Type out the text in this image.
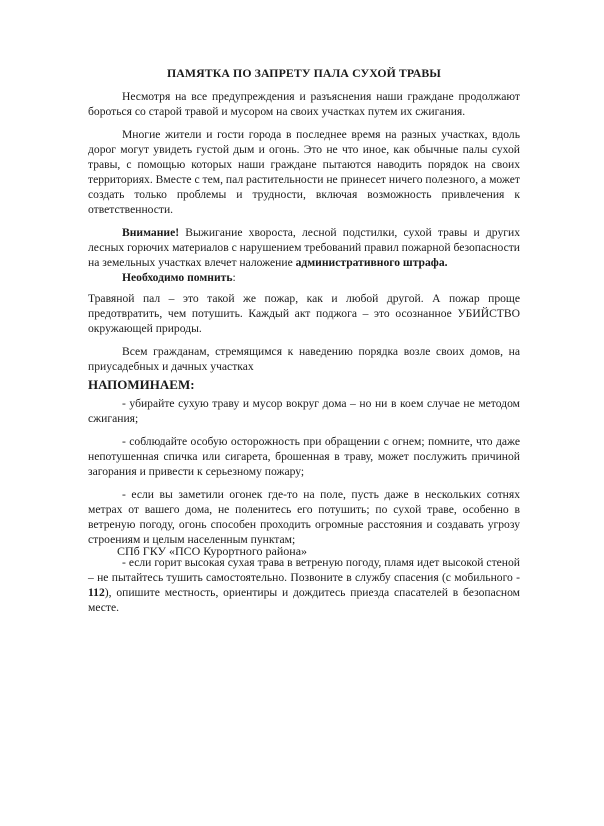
ПАМЯТКА ПО ЗАПРЕТУ ПАЛА СУХОЙ ТРАВЫ

Несмотря на все предупреждения и разъяснения наши граждане продолжают бороться со старой травой и мусором на своих участках путем их сжигания.

Многие жители и гости города в последнее время на разных участках, вдоль дорог могут увидеть густой дым и огонь. Это не что иное, как обычные палы сухой травы, с помощью которых наши граждане пытаются наводить порядок на своих территориях. Вместе с тем, пал растительности не принесет ничего полезного, а может создать только проблемы и трудности, включая возможность привлечения к ответственности.

Внимание! Выжигание хворостa, лесной подстилки, сухой травы и других лесных горючих материалов с нарушением требований правил пожарной безопасности на земельных участках влечет наложение административного штрафа.

Необходимо помнить:

Травяной пал – это такой же пожар, как и любой другой. А пожар проще предотвратить, чем потушить. Каждый акт поджога – это осознанное УБИЙСТВО окружающей природы.

Всем гражданам, стремящимся к наведению порядка возле своих домов, на приусадебных и дачных участках

НАПОМИНАЕМ:

- убирайте сухую траву и мусор вокруг дома – но ни в коем случае не методом сжигания;

- соблюдайте особую осторожность при обращении с огнем; помните, что даже непотушенная спичка или сигарета, брошенная в траву, может послужить причиной загорания и привести к серьезному пожару;

- если вы заметили огонек где-то на поле, пусть даже в нескольких сотнях метрах от вашего дома, не поленитесь его потушить; по сухой траве, особенно в ветреную погоду, огонь способен проходить огромные расстояния и создавать угрозу строениям и целым населенным пунктам;

- если горит высокая сухая трава в ветреную погоду, пламя идет высокой стеной – не пытайтесь тушить самостоятельно. Позвоните в службу спасения (с мобильного - 112), опишите местность, ориентиры и дождитесь приезда спасателей в безопасном месте.

СПб ГКУ «ПСО Курортного района»
